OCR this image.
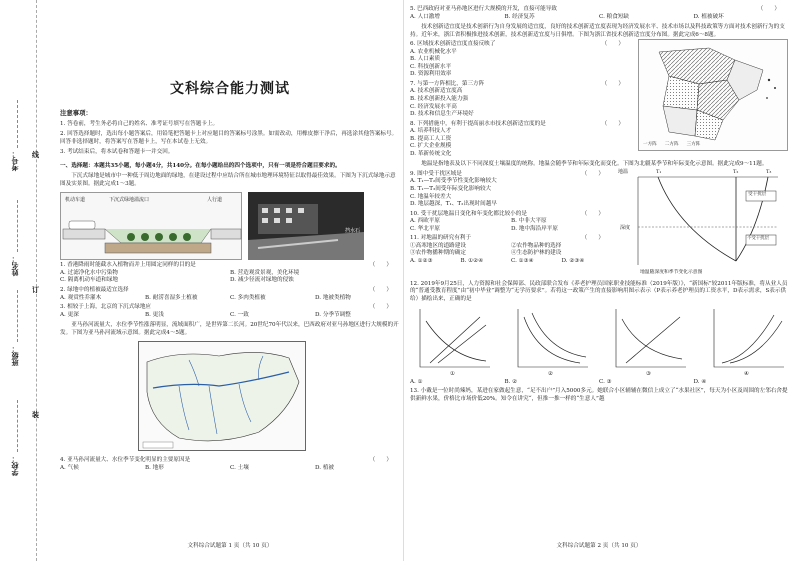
考号：
姓名：
班级：
学校：
线
订
装
文科综合能力测试
注意事项：
1. 答卷前，考生务必将自己的姓名、准考证号填写在答题卡上。
2. 回答选择题时，选出每小题答案后，用铅笔把答题卡上对应题目的答案标号涂黑。如需改动，用橡皮擦干净后，再选涂其他答案标号。回答非选择题时，将答案写在答题卡上，写在本试卷上无效。
3. 考试结束后，将本试卷和答题卡一并交回。
一、选择题：本题共35小题，每小题4分，共140分。在每小题给出的四个选项中，只有一项是符合题目要求的。
下沉式绿地是城市中一种低于周边地面的绿地，在建设过程中应结合所在城市地理环境特征以取得最佳效果。下图为下沉式绿地示意图及实景图。据此完成1～3题。
机动车道	下沉式绿地溢流口	人行道
挡水石
1. 香港降雨时能截水入植物而并上用圆定同样的目的是	（　　）
A. 过滤净化水中污染物	B. 营造观赏景观，美化环境
C. 隔离机动车道和绿地	D. 减少径流对绿地的侵蚀
2. 绿地中的植被最适宜选择	（　　）
A. 观赏性乔灌木	B. 耐涝喜湿多土植被	C. 多肉类植被	D. 地被类植物
3. 相较于上海，北京的下沉式绿地应	（　　）
A. 更深	B. 更浅	C. 一致	D. 分季节调整
亚马孙河流量大，水位季节性涨落明显，流域面积广，是世界第二长河。20世纪70年代以来，巴西政府对亚马孙地区进行大规模的开发。下图为亚马孙河流域示意图。据此完成4～5题。
4. 亚马孙河流量大、水位季节变化明显的主要原因是	（　　）
A. 气候	B. 地形	C. 土壤	D. 植被
文科综合试题第 1 页（共 10 页）
5. 巴西政府对亚马孙地区进行大规模的开发，直接可能导致	（　　）
A. 人口激增	B. 经济复苏	C. 粮食短缺	D. 植被破坏
技术创新适宜度是技术创新行为自身发展的适宜度，良好的技术创新适宜度表现为经济发展水平、技术市场以及科技政策等方面对技术创新行为的支持。近年来，浙江省积极推进技术创新，技术创新适宜度与日俱增。下图为浙江省技术创新适宜度分布图。据此完成6～8题。
6. 区域技术创新适宜度直接反映了	（　　）
A. 农业机械化水平
B. 人口素质
C. 科技创新水平
D. 资源利用效率
7. 与第一方阵相比，第三方阵	（　　）
A. 技术创新适宜度高
B. 技术创新投入能力强
C. 经济发展水平高
D. 技术和信息生产环境好
8. 下列措施中，有利于提高丽水市技术创新适宜度的是	（　　）
A. 培养科技人才
B. 提高工人工资
C. 扩大企业规模
D. 革新传统文化
一方阵 二方阵 三方阵
地温是指地表及以下不同深度土壤温度的统称。地温会随季节和年际变化而变化。下图为北疆某季节和年际变化示意图。据此完成9～11题。
9. 图中受干扰区域是	（　　）
A. T₁—T₂间受季节性变化影响较大
B. T₁—T₃间受年际变化影响较大
C. 地温年较差大
D. 地层越深，T₁、T₂出现时间越早
10. 受干扰层地温日变化和年变化都比较小的是	（　　）
A. 西欧平原	B. 中非大平原
C. 华北平原	D. 地中海沿岸平原
11. 对地温的研究有利于	（　　）
①高寒地区的道路建设	②农作物品种的选择
③农作物播种期的确定	④生态防护林的建设
A. ①②③	B. ①②④	C. ①③④	D. ②③④
T₁	T₂	T₃
地温
深度
受干扰层
不受干扰层
地温随深度和季节变化示意图
12. 2019年9月25日，人力资源和社会保障部、民政部联合发布《养老护理员国家职业技能标准（2019年版）》，“新国标”较2011年版标准，将从业人员的“普通受教育程度”由“初中毕业”调整为“无学历要求”。若将这一政策产生的直接影响用图示表示（P表示养老护理员的工资水平，D表示需求，S表示供给）描绘出来，正确的是
①	②	③	④
A. ①	B. ②	C. ③	D. ④
13. 小戴是一位时尚辣妈，某进在家做起生意，“足不出户”月入5000多元。她联合小区辅辅在微信上成立了“水果社区”，每天为小区及周围的左邻右舍提供新鲜水果，价格比市场价低20%。知令在讲究“，但推一推一样的“生意人”越
文科综合试题第 2 页（共 10 页）
